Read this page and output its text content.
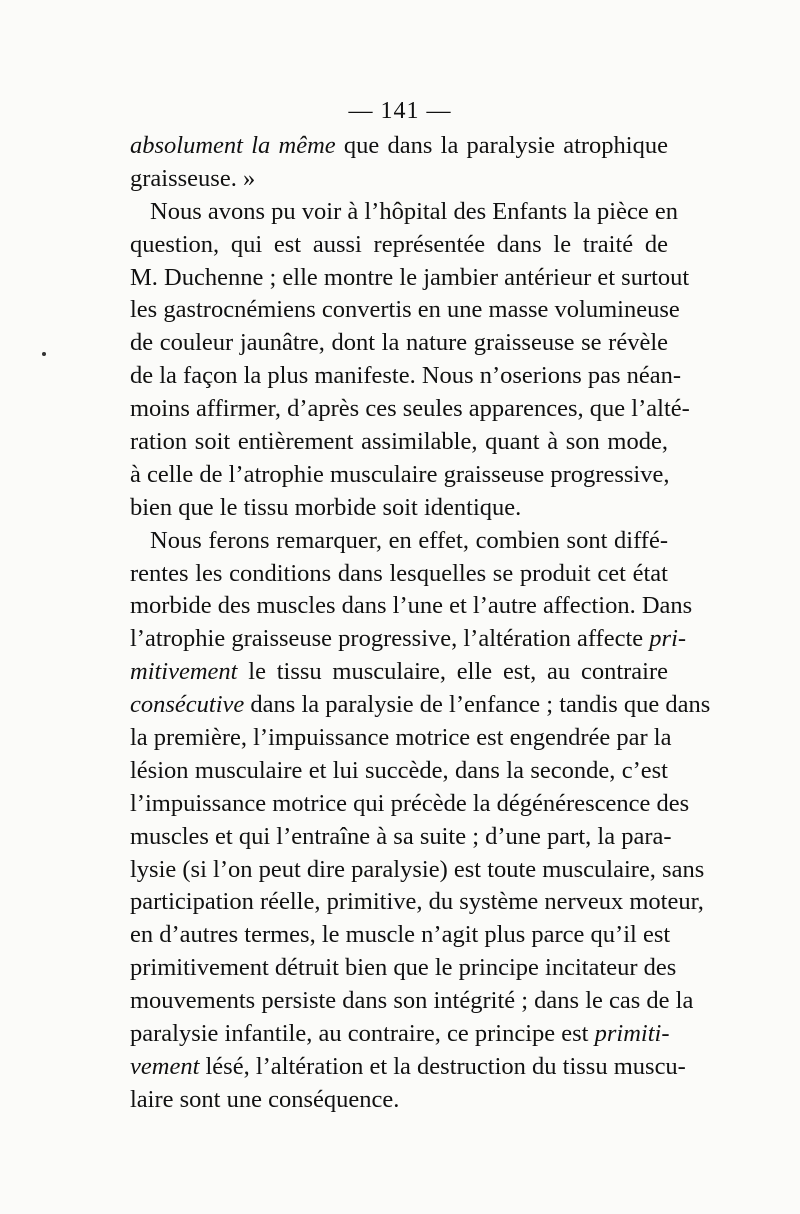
— 141 —
absolument la même que dans la paralysie atrophique
graisseuse. »
Nous avons pu voir à l’hôpital des Enfants la pièce en
question, qui est aussi représentée dans le traité de
M. Duchenne ; elle montre le jambier antérieur et surtout
les gastrocnémiens convertis en une masse volumineuse
de couleur jaunâtre, dont la nature graisseuse se révèle
de la façon la plus manifeste. Nous n’oserions pas néan-
moins affirmer, d’après ces seules apparences, que l’alté-
ration soit entièrement assimilable, quant à son mode,
à celle de l’atrophie musculaire graisseuse progressive,
bien que le tissu morbide soit identique.
Nous ferons remarquer, en effet, combien sont diffé-
rentes les conditions dans lesquelles se produit cet état
morbide des muscles dans l’une et l’autre affection. Dans
l’atrophie graisseuse progressive, l’altération affecte pri-
mitivement le tissu musculaire, elle est, au contraire
consécutive dans la paralysie de l’enfance ; tandis que dans
la première, l’impuissance motrice est engendrée par la
lésion musculaire et lui succède, dans la seconde, c’est
l’impuissance motrice qui précède la dégénérescence des
muscles et qui l’entraîne à sa suite ; d’une part, la para-
lysie (si l’on peut dire paralysie) est toute musculaire, sans
participation réelle, primitive, du système nerveux moteur,
en d’autres termes, le muscle n’agit plus parce qu’il est
primitivement détruit bien que le principe incitateur des
mouvements persiste dans son intégrité ; dans le cas de la
paralysie infantile, au contraire, ce principe est primiti-
vement lésé, l’altération et la destruction du tissu muscu-
laire sont une conséquence.
